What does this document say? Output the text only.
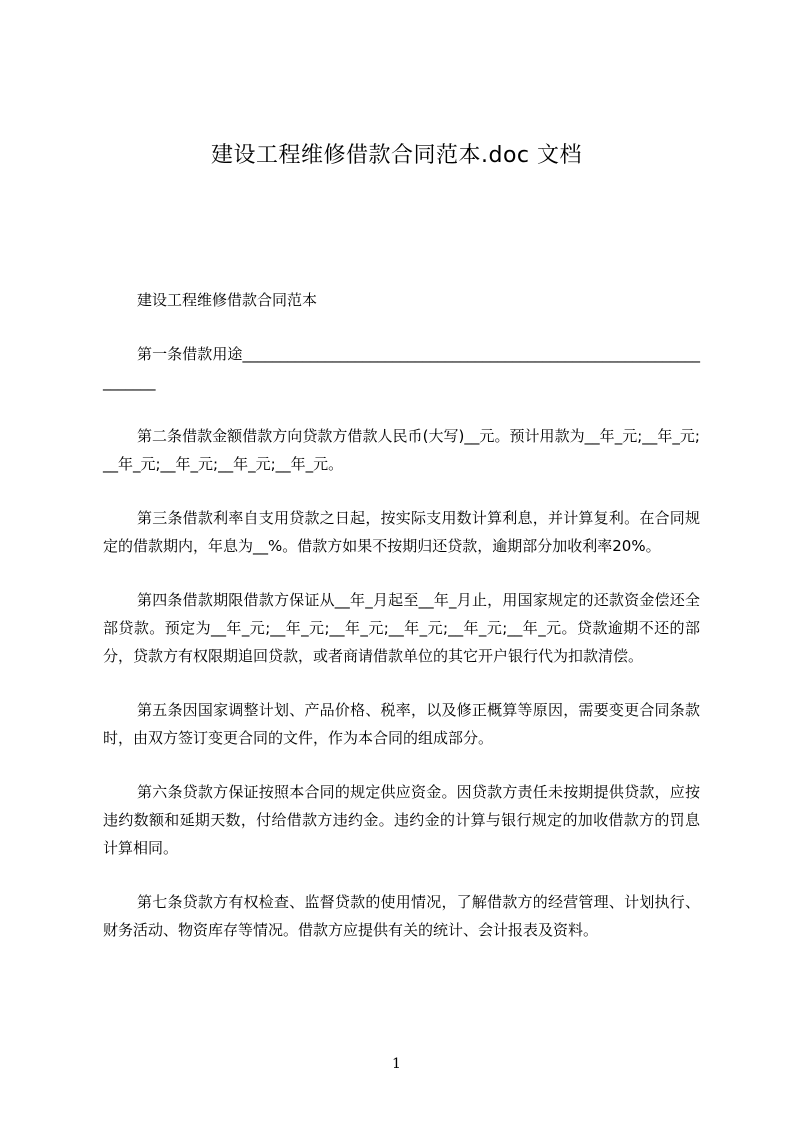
建设工程维修借款合同范本.doc 文档

建设工程维修借款合同范本

第一条借款用途____________________________________________________________________

第二条借款金额借款方向贷款方借款人民币(大写)__元。预计用款为__年_元;__年_元;__年_元;__年_元;__年_元;__年_元。

第三条借款利率自支用贷款之日起，按实际支用数计算利息，并计算复利。在合同规定的借款期内，年息为__%。借款方如果不按期归还贷款，逾期部分加收利率20%。

第四条借款期限借款方保证从__年_月起至__年_月止，用国家规定的还款资金偿还全部贷款。预定为__年_元;__年_元;__年_元;__年_元;__年_元;__年_元。贷款逾期不还的部分，贷款方有权限期追回贷款，或者商请借款单位的其它开户银行代为扣款清偿。

第五条因国家调整计划、产品价格、税率，以及修正概算等原因，需要变更合同条款时，由双方签订变更合同的文件，作为本合同的组成部分。

第六条贷款方保证按照本合同的规定供应资金。因贷款方责任未按期提供贷款，应按违约数额和延期天数，付给借款方违约金。违约金的计算与银行规定的加收借款方的罚息计算相同。

第七条贷款方有权检查、监督贷款的使用情况，了解借款方的经营管理、计划执行、财务活动、物资库存等情况。借款方应提供有关的统计、会计报表及资料。

1
